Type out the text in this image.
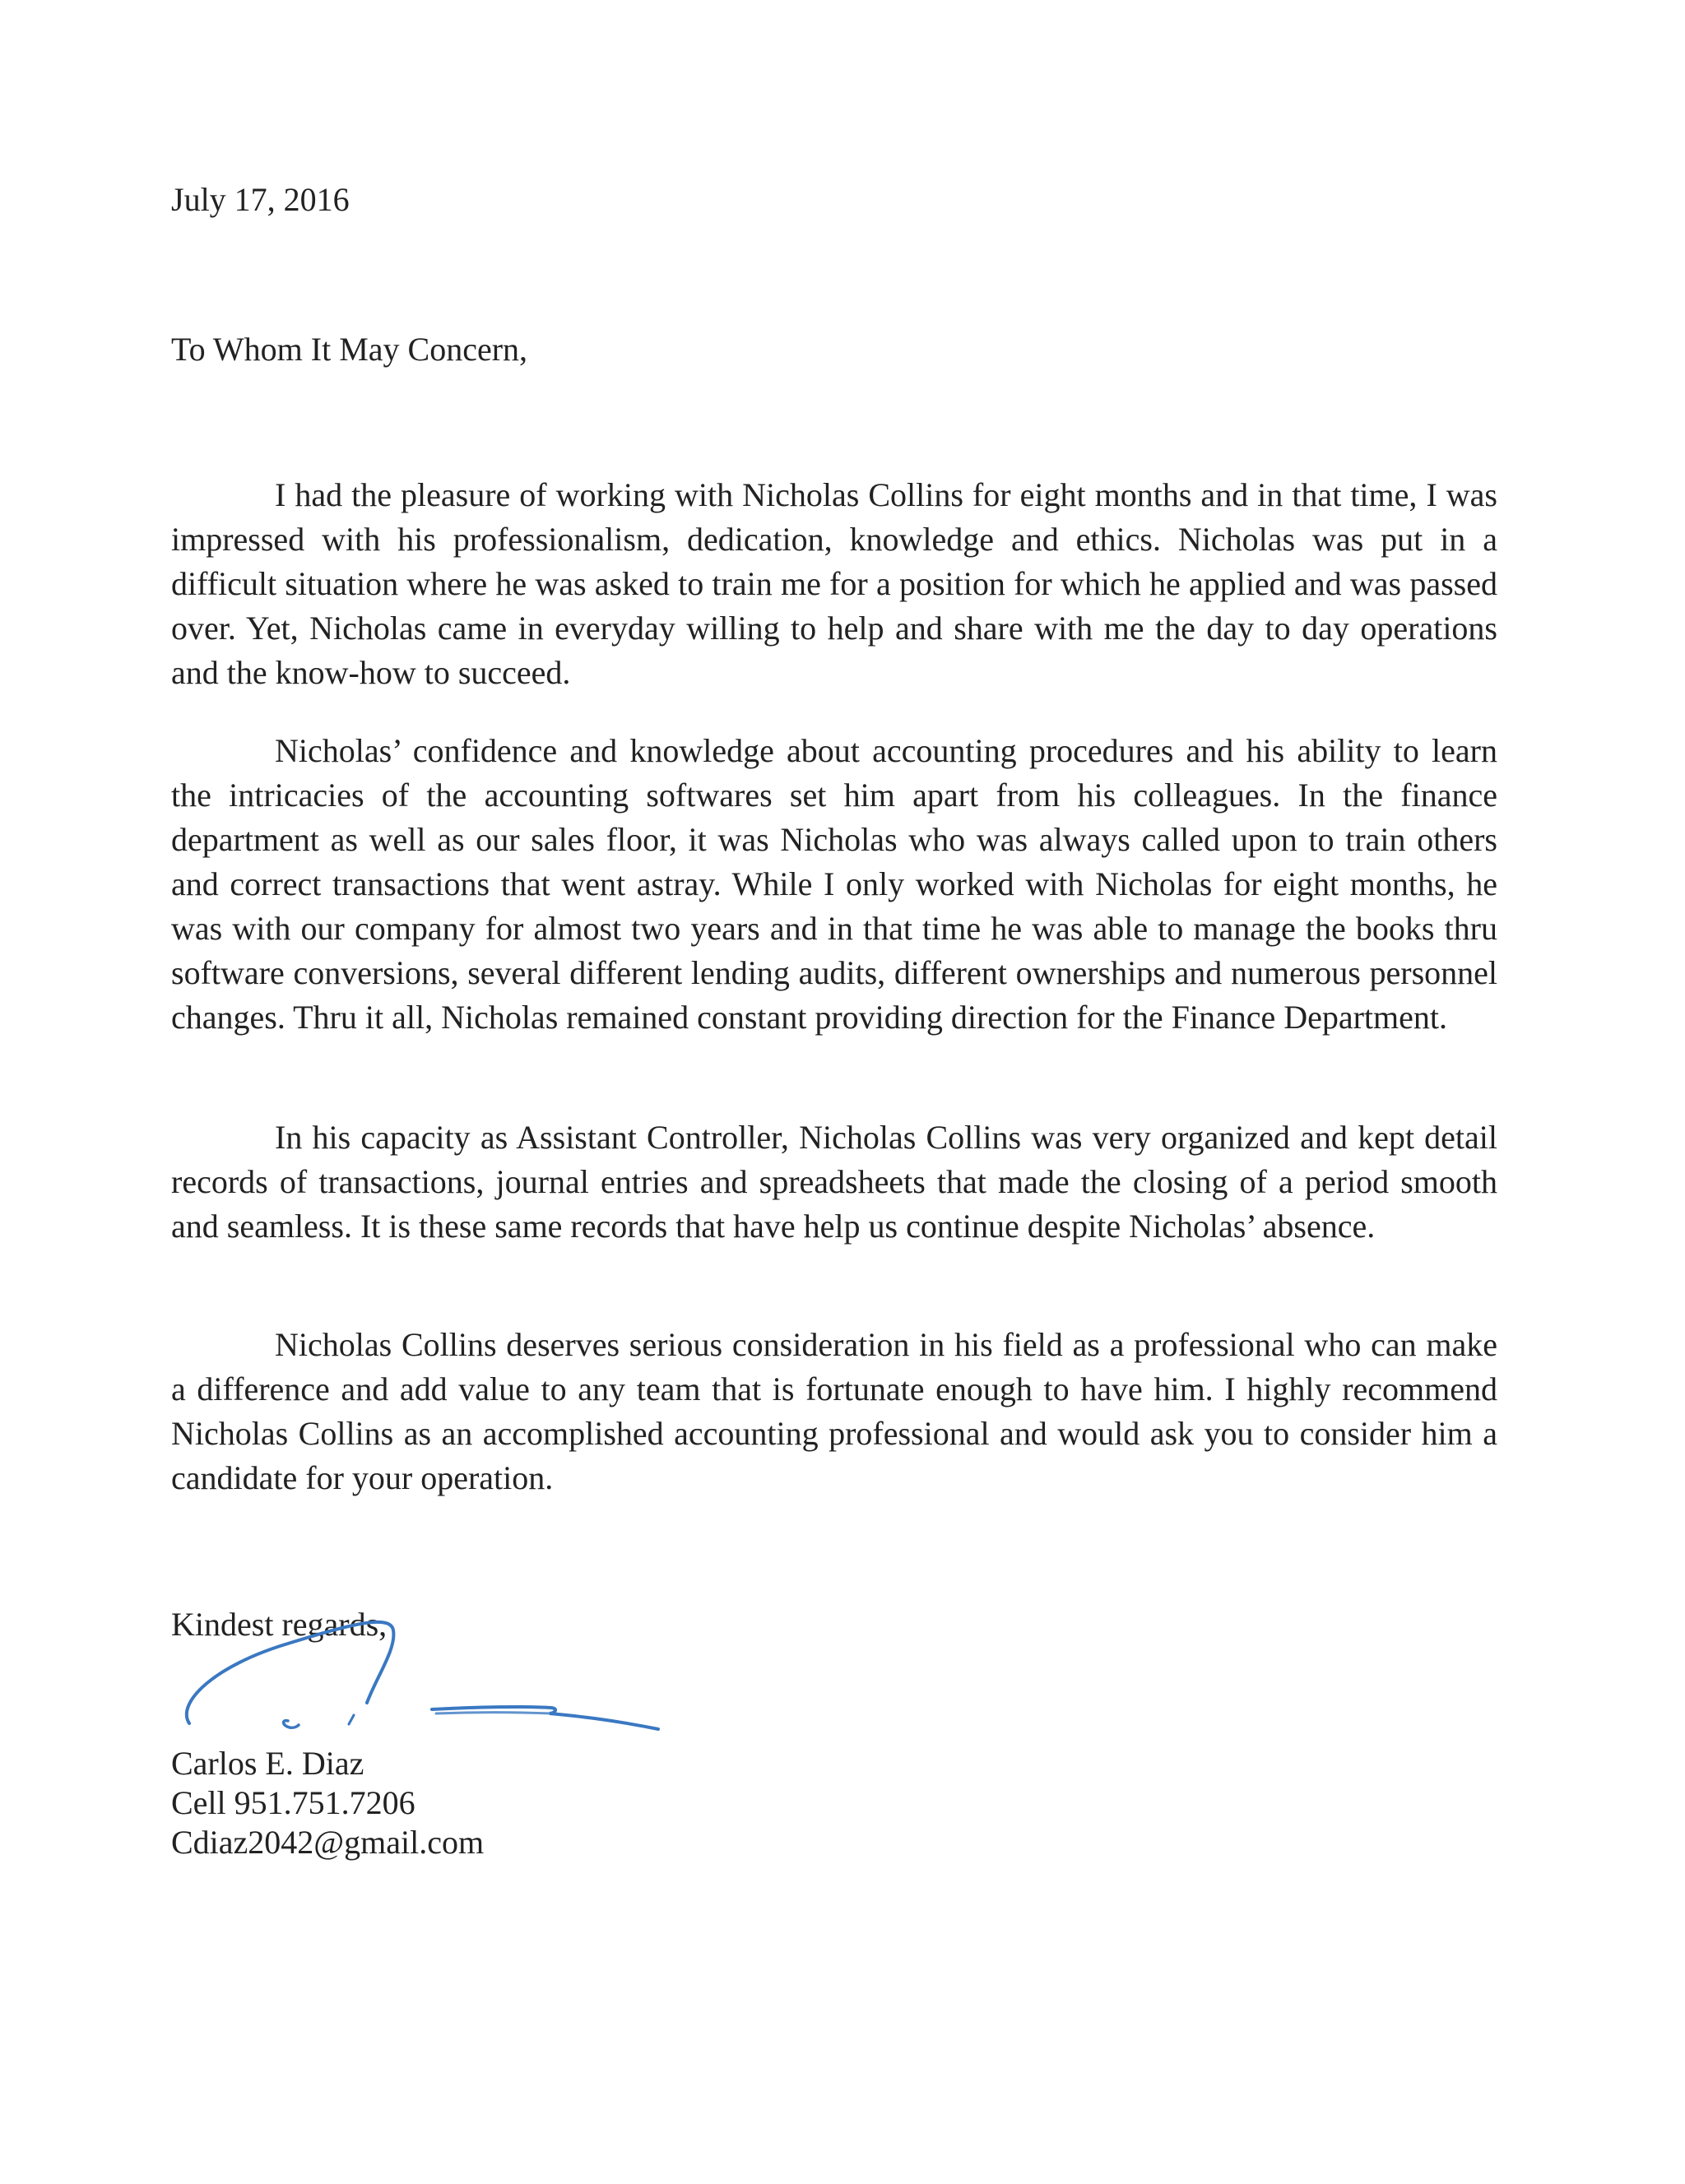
July 17, 2016

To Whom It May Concern,

I had the pleasure of working with Nicholas Collins for eight months and in that time, I was impressed with his professionalism, dedication, knowledge and ethics. Nicholas was put in a difficult situation where he was asked to train me for a position for which he applied and was passed over. Yet, Nicholas came in everyday willing to help and share with me the day to day operations and the know-how to succeed.

Nicholas’ confidence and knowledge about accounting procedures and his ability to learn the intricacies of the accounting softwares set him apart from his colleagues. In the finance department as well as our sales floor, it was Nicholas who was always called upon to train others and correct transactions that went astray. While I only worked with Nicholas for eight months, he was with our company for almost two years and in that time he was able to manage the books thru software conversions, several different lending audits, different ownerships and numerous personnel changes. Thru it all, Nicholas remained constant providing direction for the Finance Department.

In his capacity as Assistant Controller, Nicholas Collins was very organized and kept detail records of transactions, journal entries and spreadsheets that made the closing of a period smooth and seamless. It is these same records that have help us continue despite Nicholas’ absence.

Nicholas Collins deserves serious consideration in his field as a professional who can make a difference and add value to any team that is fortunate enough to have him. I highly recommend Nicholas Collins as an accomplished accounting professional and would ask you to consider him a candidate for your operation.

Kindest regards,

Carlos E. Diaz

Cell 951.751.7206

Cdiaz2042@gmail.com
